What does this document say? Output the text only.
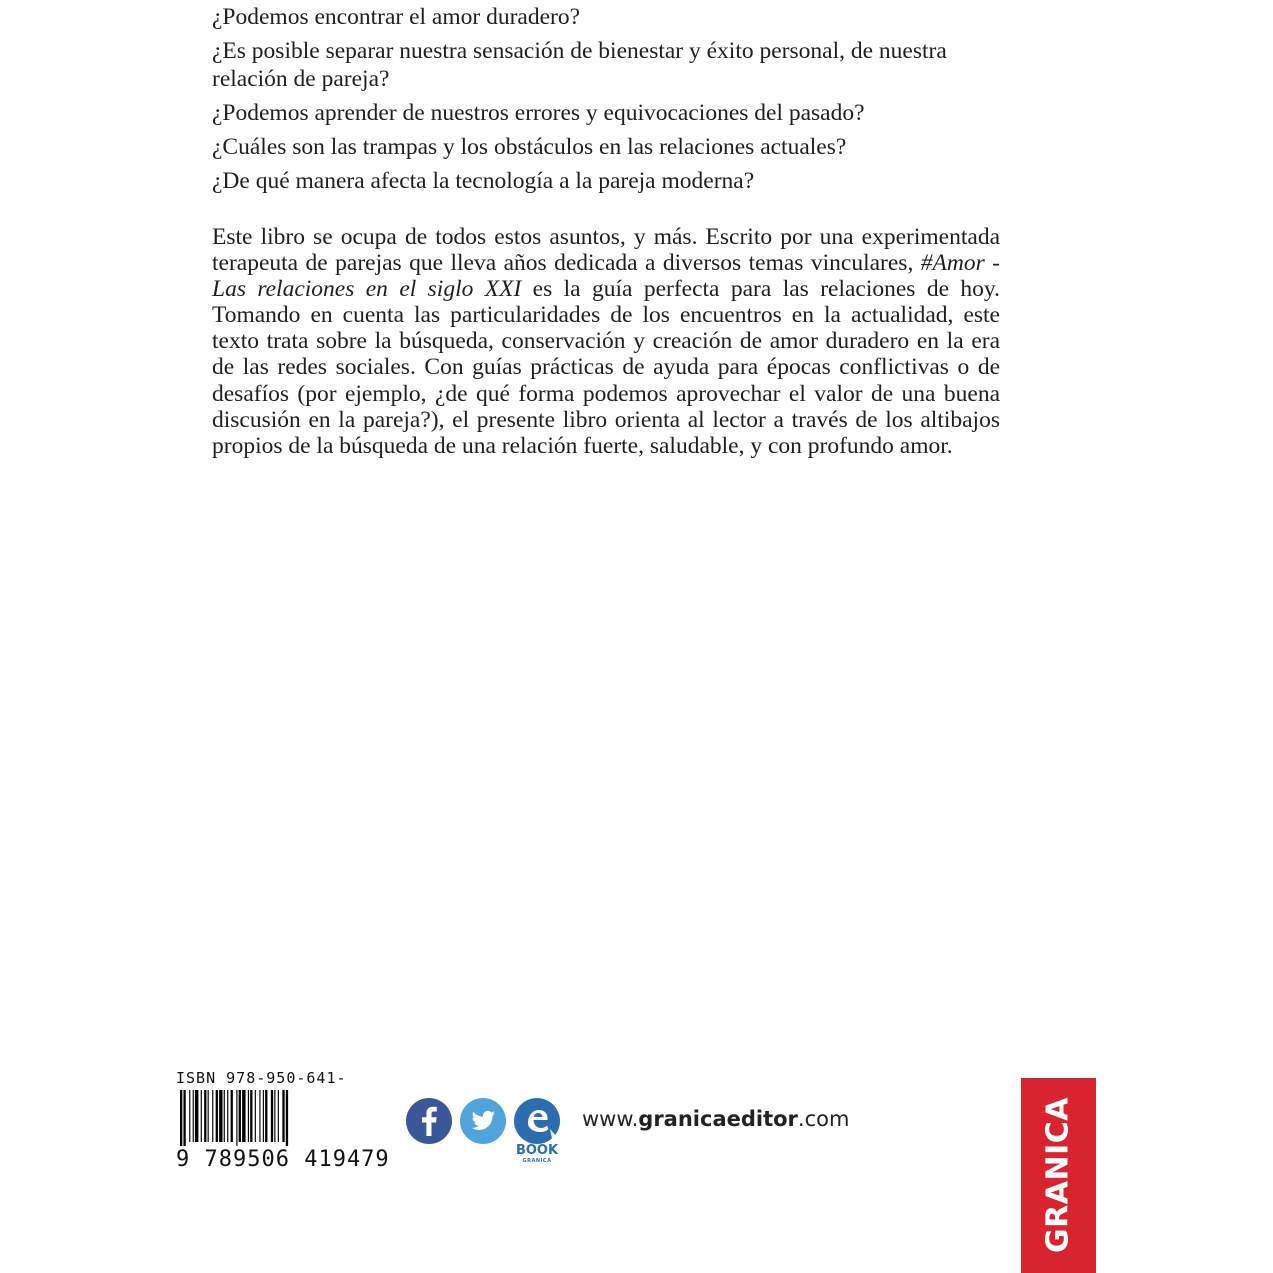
¿Podemos encontrar el amor duradero?

¿Es posible separar nuestra sensación de bienestar y éxito personal, de nuestra relación de pareja?

¿Podemos aprender de nuestros errores y equivocaciones del pasado?

¿Cuáles son las trampas y los obstáculos en las relaciones actuales?

¿De qué manera afecta la tecnología a la pareja moderna?

Este libro se ocupa de todos estos asuntos, y más. Escrito por una experimentada terapeuta de parejas que lleva años dedicada a diversos temas vinculares, #Amor - Las relaciones en el siglo XXI es la guía perfecta para las relaciones de hoy. Tomando en cuenta las particularidades de los encuentros en la actualidad, este texto trata sobre la búsqueda, conservación y creación de amor duradero en la era de las redes sociales. Con guías prácticas de ayuda para épocas conflictivas o de desafíos (por ejemplo, ¿de qué forma podemos aprovechar el valor de una buena discusión en la pareja?), el presente libro orienta al lector a través de los altibajos propios de la búsqueda de una relación fuerte, saludable, y con profundo amor.

ISBN 978-950-641-
9 789506 419479	BOOK
GRANICA
www.granicaeditor.com	GRANICA
